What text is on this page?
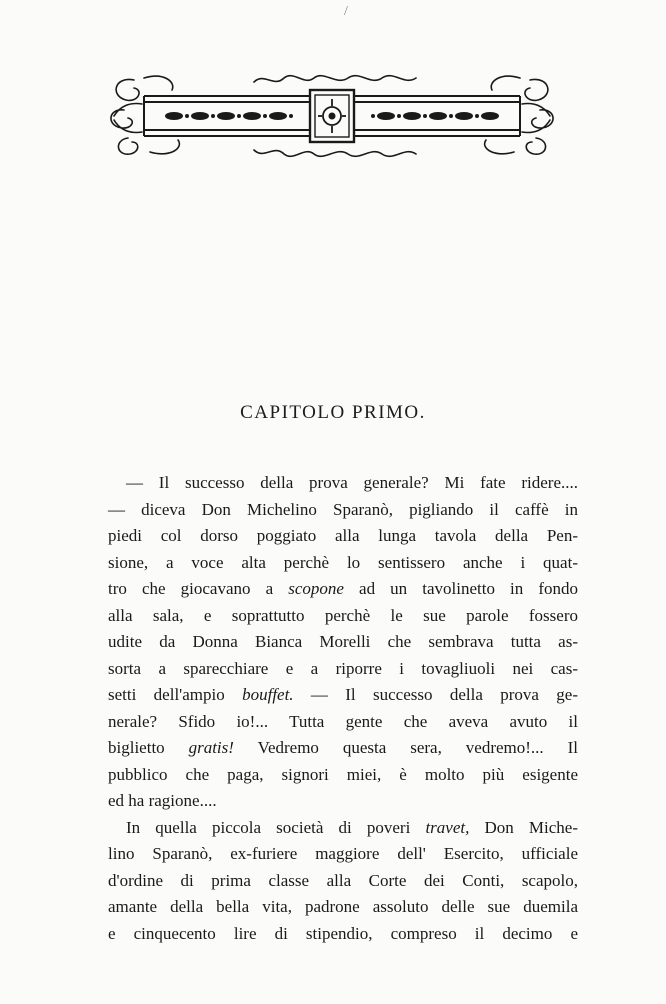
/
CAPITOLO PRIMO.
— Il successo della prova generale? Mi fate ridere....
— diceva Don Michelino Sparanò, pigliando il caffè in
piedi col dorso poggiato alla lunga tavola della Pen-
sione, a voce alta perchè lo sentissero anche i quat-
tro che giocavano a scopone ad un tavolinetto in fondo
alla sala, e soprattutto perchè le sue parole fossero
udite da Donna Bianca Morelli che sembrava tutta as-
sorta a sparecchiare e a riporre i tovagliuoli nei cas-
setti dell'ampio bouffet. — Il successo della prova ge-
nerale? Sfido io!... Tutta gente che aveva avuto il
biglietto gratis! Vedremo questa sera, vedremo!... Il
pubblico che paga, signori miei, è molto più esigente
ed ha ragione....
In quella piccola società di poveri travet, Don Miche-
lino Sparanò, ex-furiere maggiore dell' Esercito, ufficiale
d'ordine di prima classe alla Corte dei Conti, scapolo,
amante della bella vita, padrone assoluto delle sue duemila
e cinquecento lire di stipendio, compreso il decimo e
